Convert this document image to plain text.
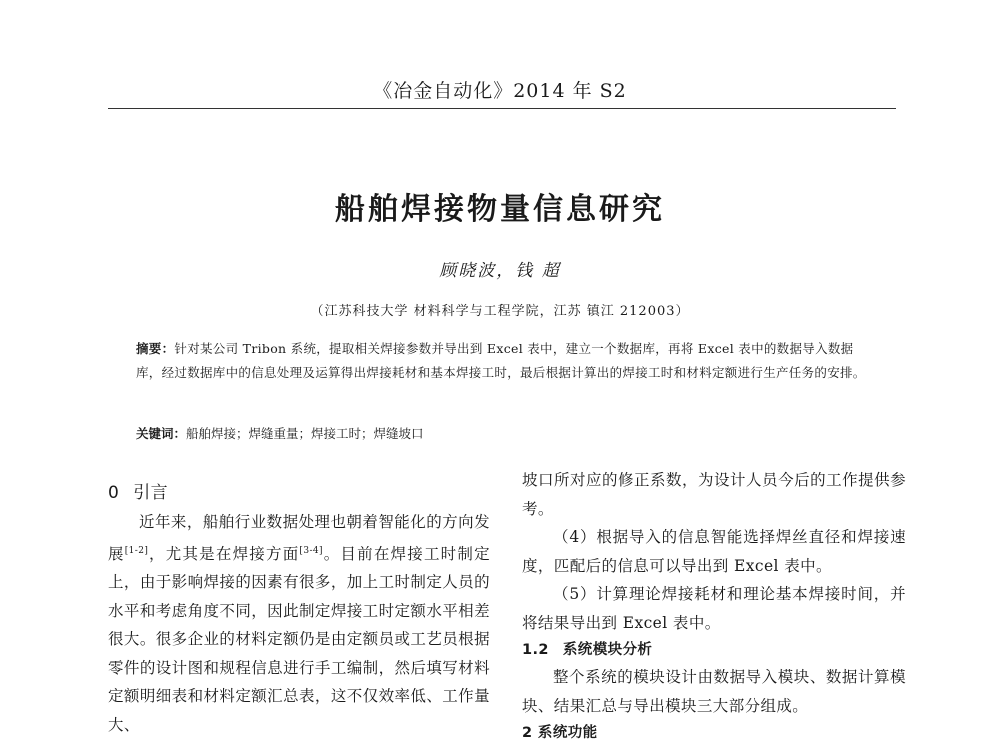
《冶金自动化》2014 年 S2
船舶焊接物量信息研究
顾晓波，钱 超
（江苏科技大学 材料科学与工程学院，江苏 镇江 212003）
摘要：针对某公司 Tribon 系统，提取相关焊接参数并导出到 Excel 表中，建立一个数据库，再将 Excel 表中的数据导入数据库，经过数据库中的信息处理及运算得出焊接耗材和基本焊接工时，最后根据计算出的焊接工时和材料定额进行生产任务的安排。
关键词：船舶焊接；焊缝重量；焊接工时；焊缝坡口
0 引言

近年来，船舶行业数据处理也朝着智能化的方向发展[1-2]，尤其是在焊接方面[3-4]。目前在焊接工时制定上，由于影响焊接的因素有很多，加上工时制定人员的水平和考虑角度不同，因此制定焊接工时定额水平相差很大。很多企业的材料定额仍是由定额员或工艺员根据零件的设计图和规程信息进行手工编制，然后填写材料定额明细表和材料定额汇总表，这不仅效率低、工作量大、

坡口所对应的修正系数，为设计人员今后的工作提供参考。

（4）根据导入的信息智能选择焊丝直径和焊接速度，匹配后的信息可以导出到 Excel 表中。

（5）计算理论焊接耗材和理论基本焊接时间，并将结果导出到 Excel 表中。

1.2 系统模块分析

整个系统的模块设计由数据导入模块、数据计算模块、结果汇总与导出模块三大部分组成。

2 系统功能
